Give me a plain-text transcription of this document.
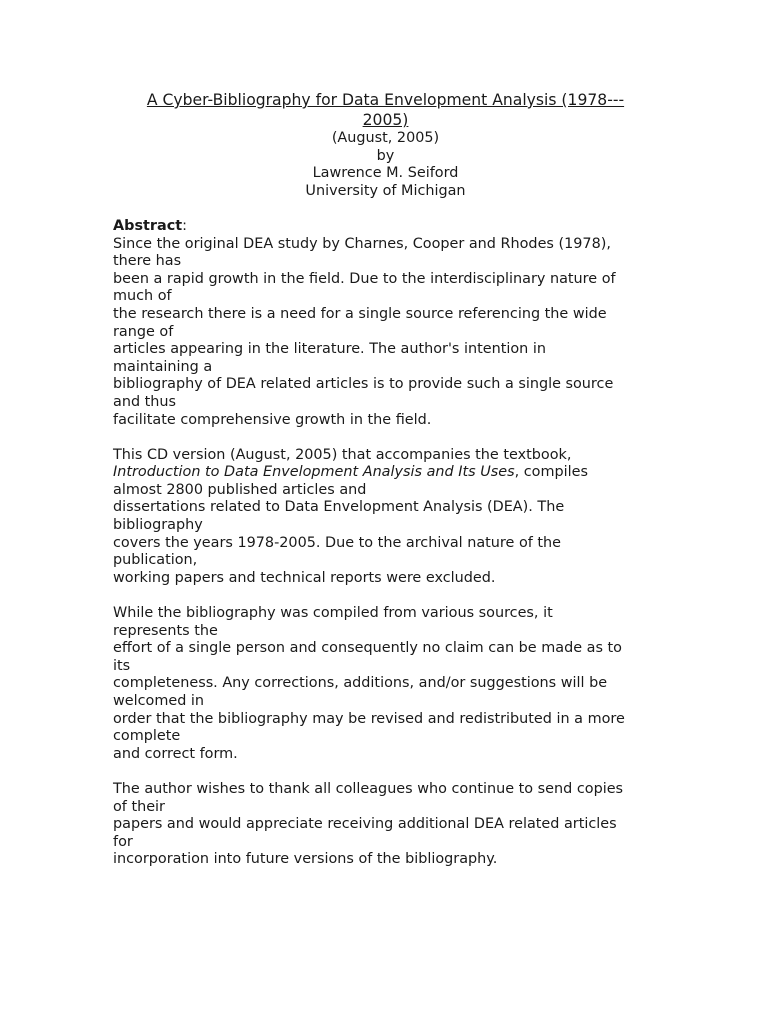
A Cyber-Bibliography for Data Envelopment Analysis (1978---
2005)
(August, 2005)
by
Lawrence M. Seiford
University of Michigan
Abstract:
Since the original DEA study by Charnes, Cooper and Rhodes (1978),
there has
been a rapid growth in the field. Due to the interdisciplinary nature of
much of
the research there is a need for a single source referencing the wide
range of
articles appearing in the literature. The author's intention in
maintaining a
bibliography of DEA related articles is to provide such a single source
and thus
facilitate comprehensive growth in the field.
This CD version (August, 2005) that accompanies the textbook,
Introduction to Data Envelopment Analysis and Its Uses, compiles
almost 2800 published articles and
dissertations related to Data Envelopment Analysis (DEA). The
bibliography
covers the years 1978-2005. Due to the archival nature of the
publication,
working papers and technical reports were excluded.
While the bibliography was compiled from various sources, it
represents the
effort of a single person and consequently no claim can be made as to
its
completeness. Any corrections, additions, and/or suggestions will be
welcomed in
order that the bibliography may be revised and redistributed in a more
complete
and correct form.
The author wishes to thank all colleagues who continue to send copies
of their
papers and would appreciate receiving additional DEA related articles
for
incorporation into future versions of the bibliography.
